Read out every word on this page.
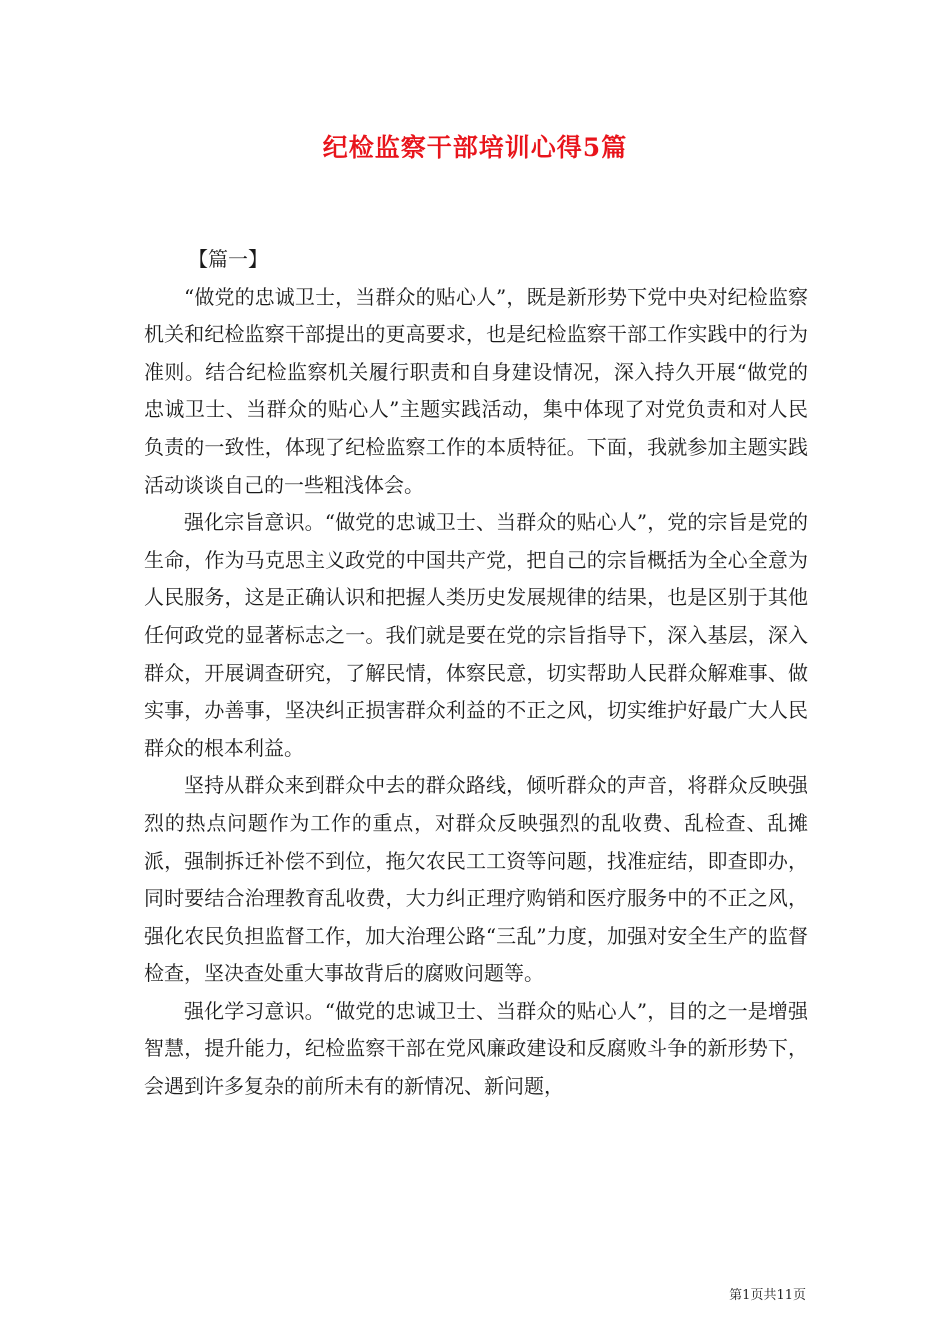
纪检监察干部培训心得5篇

【篇一】

“做党的忠诚卫士，当群众的贴心人”，既是新形势下党中央对纪检监察机关和纪检监察干部提出的更高要求，也是纪检监察干部工作实践中的行为准则。结合纪检监察机关履行职责和自身建设情况，深入持久开展“做党的忠诚卫士、当群众的贴心人”主题实践活动，集中体现了对党负责和对人民负责的一致性，体现了纪检监察工作的本质特征。下面，我就参加主题实践活动谈谈自己的一些粗浅体会。

强化宗旨意识。“做党的忠诚卫士、当群众的贴心人”，党的宗旨是党的生命，作为马克思主义政党的中国共产党，把自己的宗旨概括为全心全意为人民服务，这是正确认识和把握人类历史发展规律的结果，也是区别于其他任何政党的显著标志之一。我们就是要在党的宗旨指导下，深入基层，深入群众，开展调查研究，了解民情，体察民意，切实帮助人民群众解难事、做实事，办善事，坚决纠正损害群众利益的不正之风，切实维护好最广大人民群众的根本利益。

坚持从群众来到群众中去的群众路线，倾听群众的声音，将群众反映强烈的热点问题作为工作的重点，对群众反映强烈的乱收费、乱检查、乱摊派，强制拆迁补偿不到位，拖欠农民工工资等问题，找准症结，即查即办，同时要结合治理教育乱收费，大力纠正理疗购销和医疗服务中的不正之风，强化农民负担监督工作，加大治理公路“三乱”力度，加强对安全生产的监督检查，坚决查处重大事故背后的腐败问题等。

强化学习意识。“做党的忠诚卫士、当群众的贴心人”，目的之一是增强智慧，提升能力，纪检监察干部在党风廉政建设和反腐败斗争的新形势下，会遇到许多复杂的前所未有的新情况、新问题，

第1页共11页
